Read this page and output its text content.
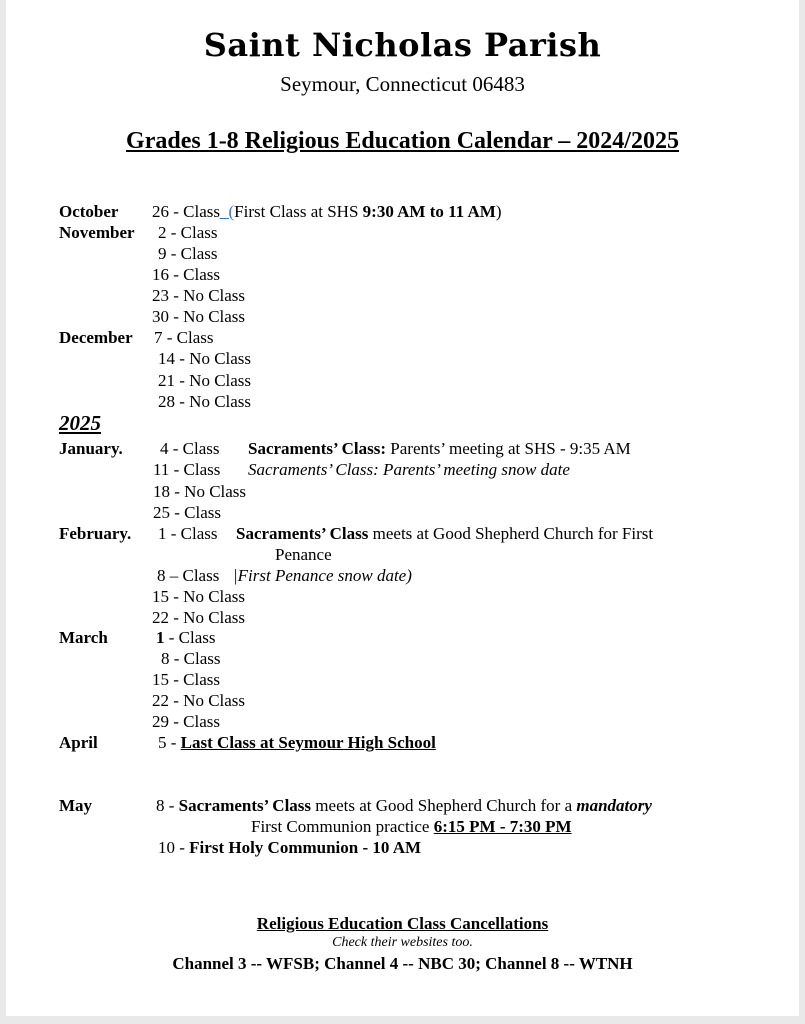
Saint Nicholas Parish
Seymour, Connecticut 06483
Grades 1-8 Religious Education Calendar – 2024/2025
October 26 - Class_(First Class at SHS 9:30 AM to 11 AM)
November 2 - Class
9 - Class
16 - Class
23 - No Class
30 - No Class
December 7 - Class
14 - No Class
21 - No Class
28 - No Class
2025
January. 4 - Class Sacraments’ Class: Parents’ meeting at SHS - 9:35 AM
11 - Class Sacraments’ Class: Parents’ meeting snow date
18 - No Class
25 - Class
February. 1 - Class Sacraments’ Class meets at Good Shepherd Church for First
Penance
8 – Class |First Penance snow date)
15 - No Class
22 - No Class
March	1 - Class
8 - Class
15 - Class
22 - No Class
29 - Class
April	5 - Last Class at Seymour High School
May	8 - Sacraments’ Class meets at Good Shepherd Church for a mandatory
First Communion practice 6:15 PM - 7:30 PM
10 - First Holy Communion - 10 AM
Religious Education Class Cancellations
Check their websites too.
Channel 3 -- WFSB; Channel 4 -- NBC 30; Channel 8 -- WTNH
